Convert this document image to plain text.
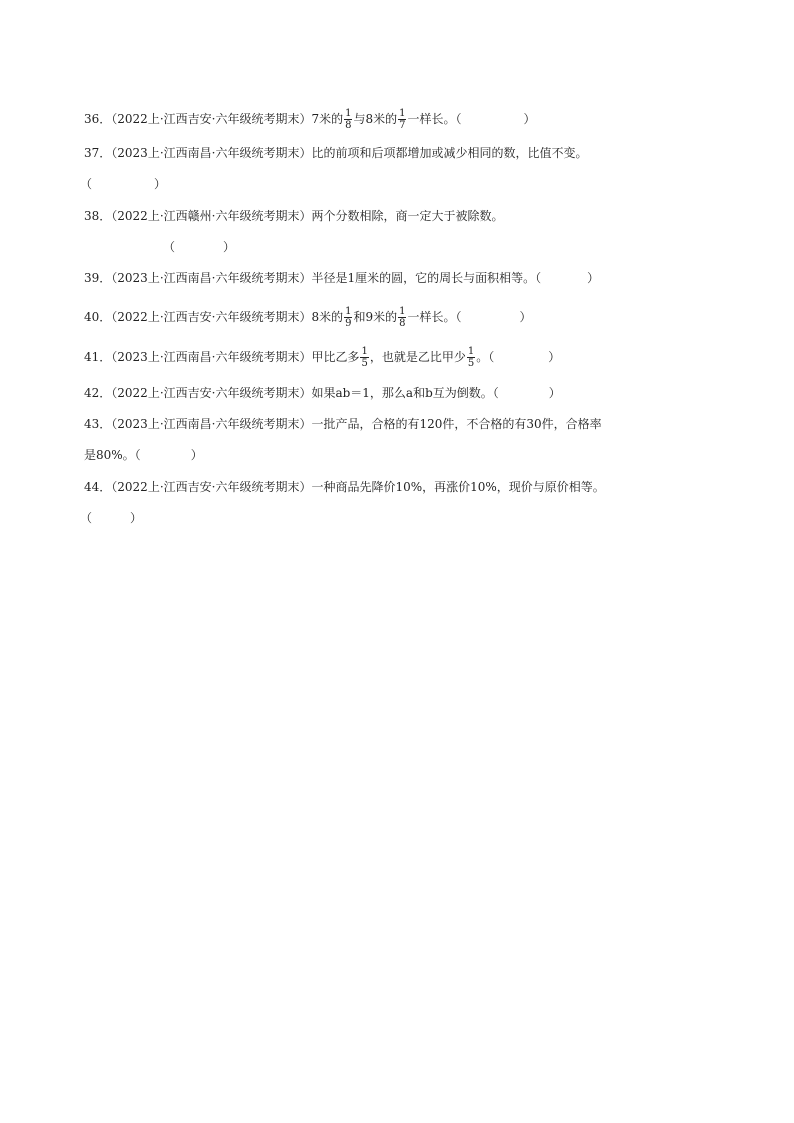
36．（2022上·江西吉安·六年级统考期末）7米的 $\frac{1}{8}$ 与8米的 $\frac{1}{7}$ 一样长。（	）
37．（2023上·江西南昌·六年级统考期末）比的前项和后项都增加或减少相同的数，比值不变。
（	）
38．（2022上·江西赣州·六年级统考期末）两个分数相除，商一定大于被除数。
（	）
39．（2023上·江西南昌·六年级统考期末）半径是1厘米的圆，它的周长与面积相等。（	）
40．（2022上·江西吉安·六年级统考期末）8米的 $\frac{1}{9}$ 和9米的 $\frac{1}{8}$ 一样长。（	）
41．（2023上·江西南昌·六年级统考期末）甲比乙多 $\frac{1}{5}$ ，也就是乙比甲少 $\frac{1}{5}$ 。（	）
42．（2022上·江西吉安·六年级统考期末）如果ab＝1，那么a和b互为倒数。（	）
43．（2023上·江西南昌·六年级统考期末）一批产品，合格的有120件，不合格的有30件，合格率
是80%。（	）
44．（2022上·江西吉安·六年级统考期末）一种商品先降价10%，再涨价10%，现价与原价相等。
（	）
